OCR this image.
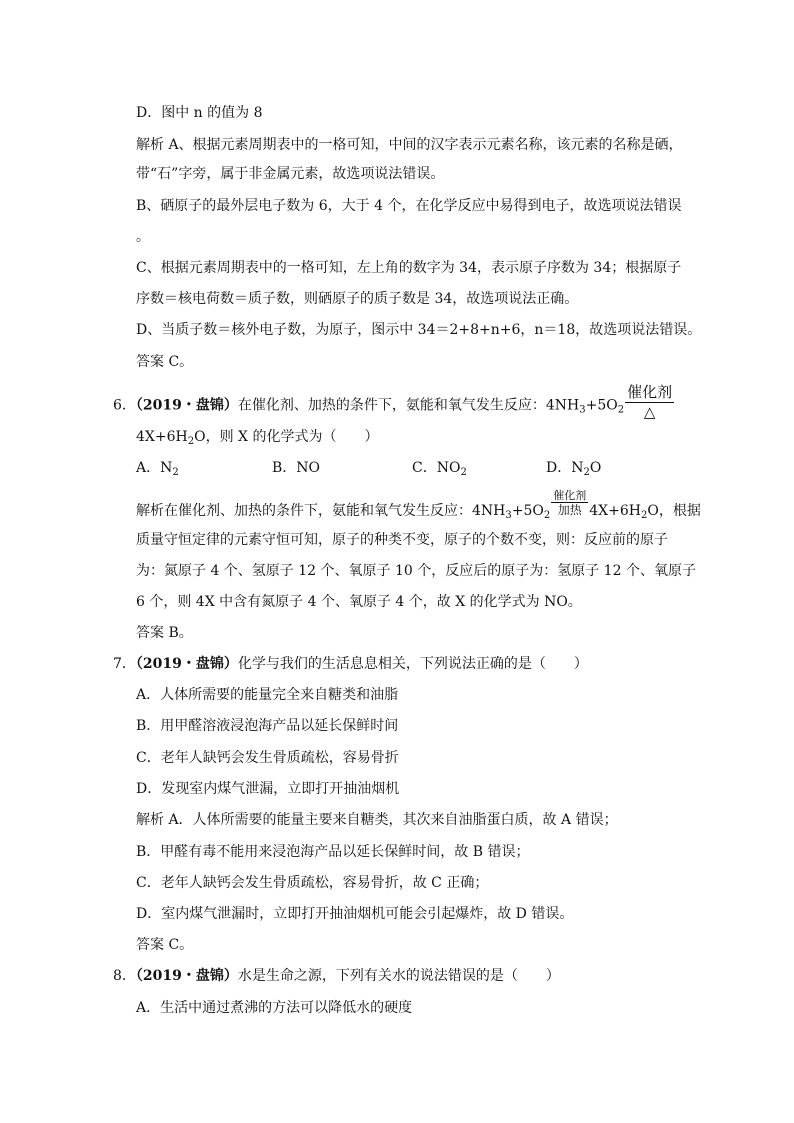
D．图中 n 的值为 8
解析 A、根据元素周期表中的一格可知，中间的汉字表示元素名称，该元素的名称是硒，
带“石”字旁，属于非金属元素，故选项说法错误。
B、硒原子的最外层电子数为 6，大于 4 个，在化学反应中易得到电子，故选项说法错误
。
C、根据元素周期表中的一格可知，左上角的数字为 34，表示原子序数为 34；根据原子
序数＝核电荷数＝质子数，则硒原子的质子数是 34，故选项说法正确。
D、当质子数＝核外电子数，为原子，图示中 34＝2+8+n+6，n＝18，故选项说法错误。
答案 C。
6．（2019・盘锦）在催化剂、加热的条件下，氨能和氧气发生反应：$4NH_3+5O_2 \frac{\text{催化剂}}{\triangle}$
$4X+6H_2O$，则 X 的化学式为（　　）
A．$N_2$	B．NO	C．$NO_2$	D．$N_2O$
解析在催化剂、加热的条件下，氨能和氧气发生反应：$4NH_3+5O_2 \frac{\text{催化剂}}{\text{加热}} 4X+6H_2O$，根据
质量守恒定律的元素守恒可知，原子的种类不变，原子的个数不变，则：反应前的原子
为：氮原子 4 个、氢原子 12 个、氧原子 10 个，反应后的原子为：氢原子 12 个、氧原子
6 个，则 4X 中含有氮原子 4 个、氧原子 4 个，故 X 的化学式为 NO。
答案 B。
7．（2019・盘锦）化学与我们的生活息息相关，下列说法正确的是（　　）
A．人体所需要的能量完全来自糖类和油脂
B．用甲醛溶液浸泡海产品以延长保鲜时间
C．老年人缺钙会发生骨质疏松，容易骨折
D．发现室内煤气泄漏，立即打开抽油烟机
解析 A．人体所需要的能量主要来自糖类，其次来自油脂蛋白质，故 A 错误；
B．甲醛有毒不能用来浸泡海产品以延长保鲜时间，故 B 错误；
C．老年人缺钙会发生骨质疏松，容易骨折，故 C 正确；
D．室内煤气泄漏时，立即打开抽油烟机可能会引起爆炸，故 D 错误。
答案 C。
8．（2019・盘锦）水是生命之源，下列有关水的说法错误的是（　　）
A．生活中通过煮沸的方法可以降低水的硬度
